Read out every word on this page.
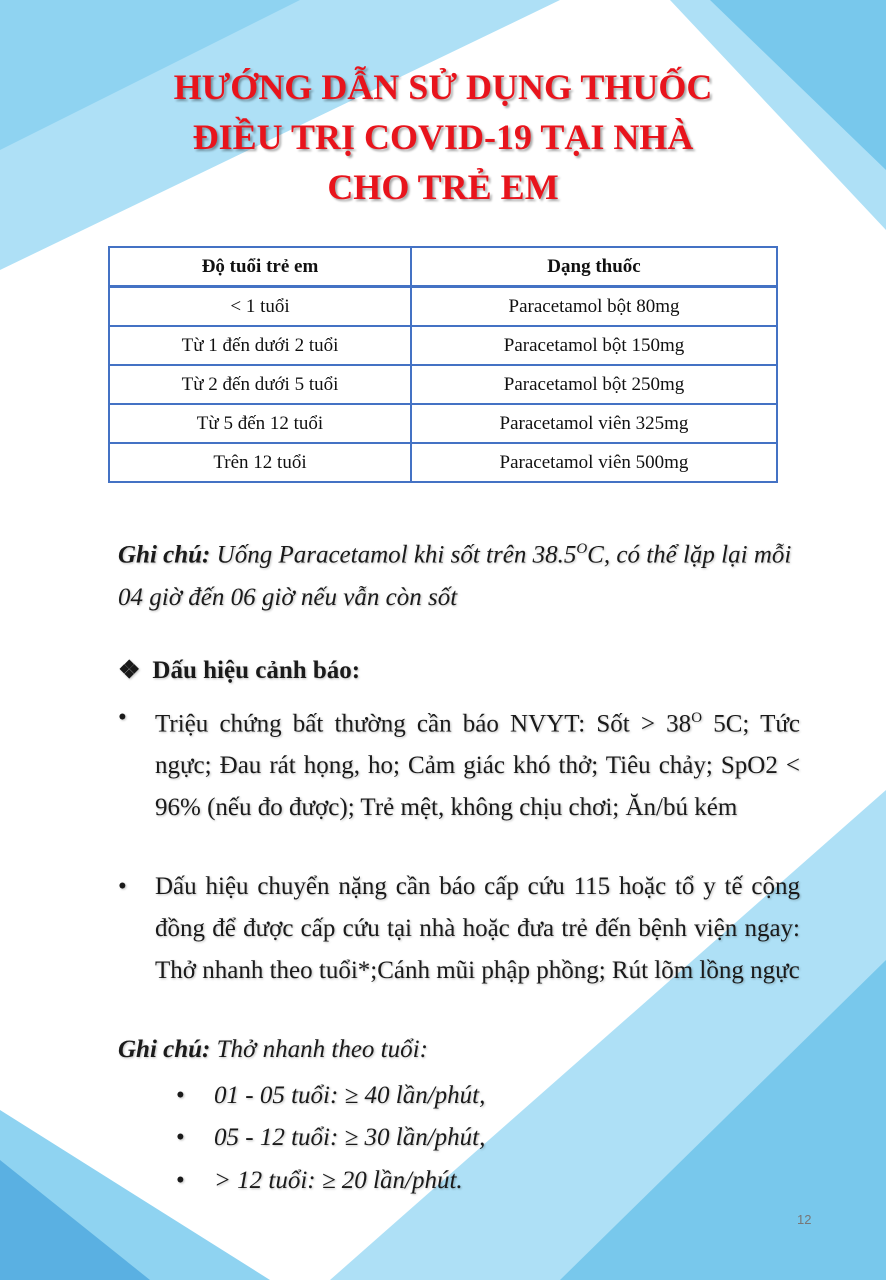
HƯỚNG DẪN SỬ DỤNG THUỐC
ĐIỀU TRỊ COVID-19 TẠI NHÀ
CHO TRẺ EM
Độ tuổi trẻ em	Dạng thuốc
< 1 tuổi	Paracetamol bột 80mg
Từ 1 đến dưới 2 tuổi	Paracetamol bột 150mg
Từ 2 đến dưới 5 tuổi	Paracetamol bột 250mg
Từ 5 đến 12 tuổi	Paracetamol viên 325mg
Trên 12 tuổi	Paracetamol viên 500mg
Ghi chú: Uống Paracetamol khi sốt trên $38.5^OC$, có thể lặp lại mỗi 04 giờ đến 06 giờ nếu vẫn còn sốt
❖ Dấu hiệu cảnh báo:
• Triệu chứng bất thường cần báo NVYT: Sốt > $38^O$ 5C; Tức ngực; Đau rát họng, ho; Cảm giác khó thở; Tiêu chảy; SpO2 < 96% (nếu đo được); Trẻ mệt, không chịu chơi; Ăn/bú kém
• Dấu hiệu chuyển nặng cần báo cấp cứu 115 hoặc tổ y tế cộng đồng để được cấp cứu tại nhà hoặc đưa trẻ đến bệnh viện ngay: Thở nhanh theo tuổi*;Cánh mũi phập phồng; Rút lõm lồng ngực
Ghi chú: Thở nhanh theo tuổi:
• 01 - 05 tuổi: ≥ 40 lần/phút,
• 05 - 12 tuổi: ≥ 30 lần/phút,
• > 12 tuổi: ≥ 20 lần/phút.
12
